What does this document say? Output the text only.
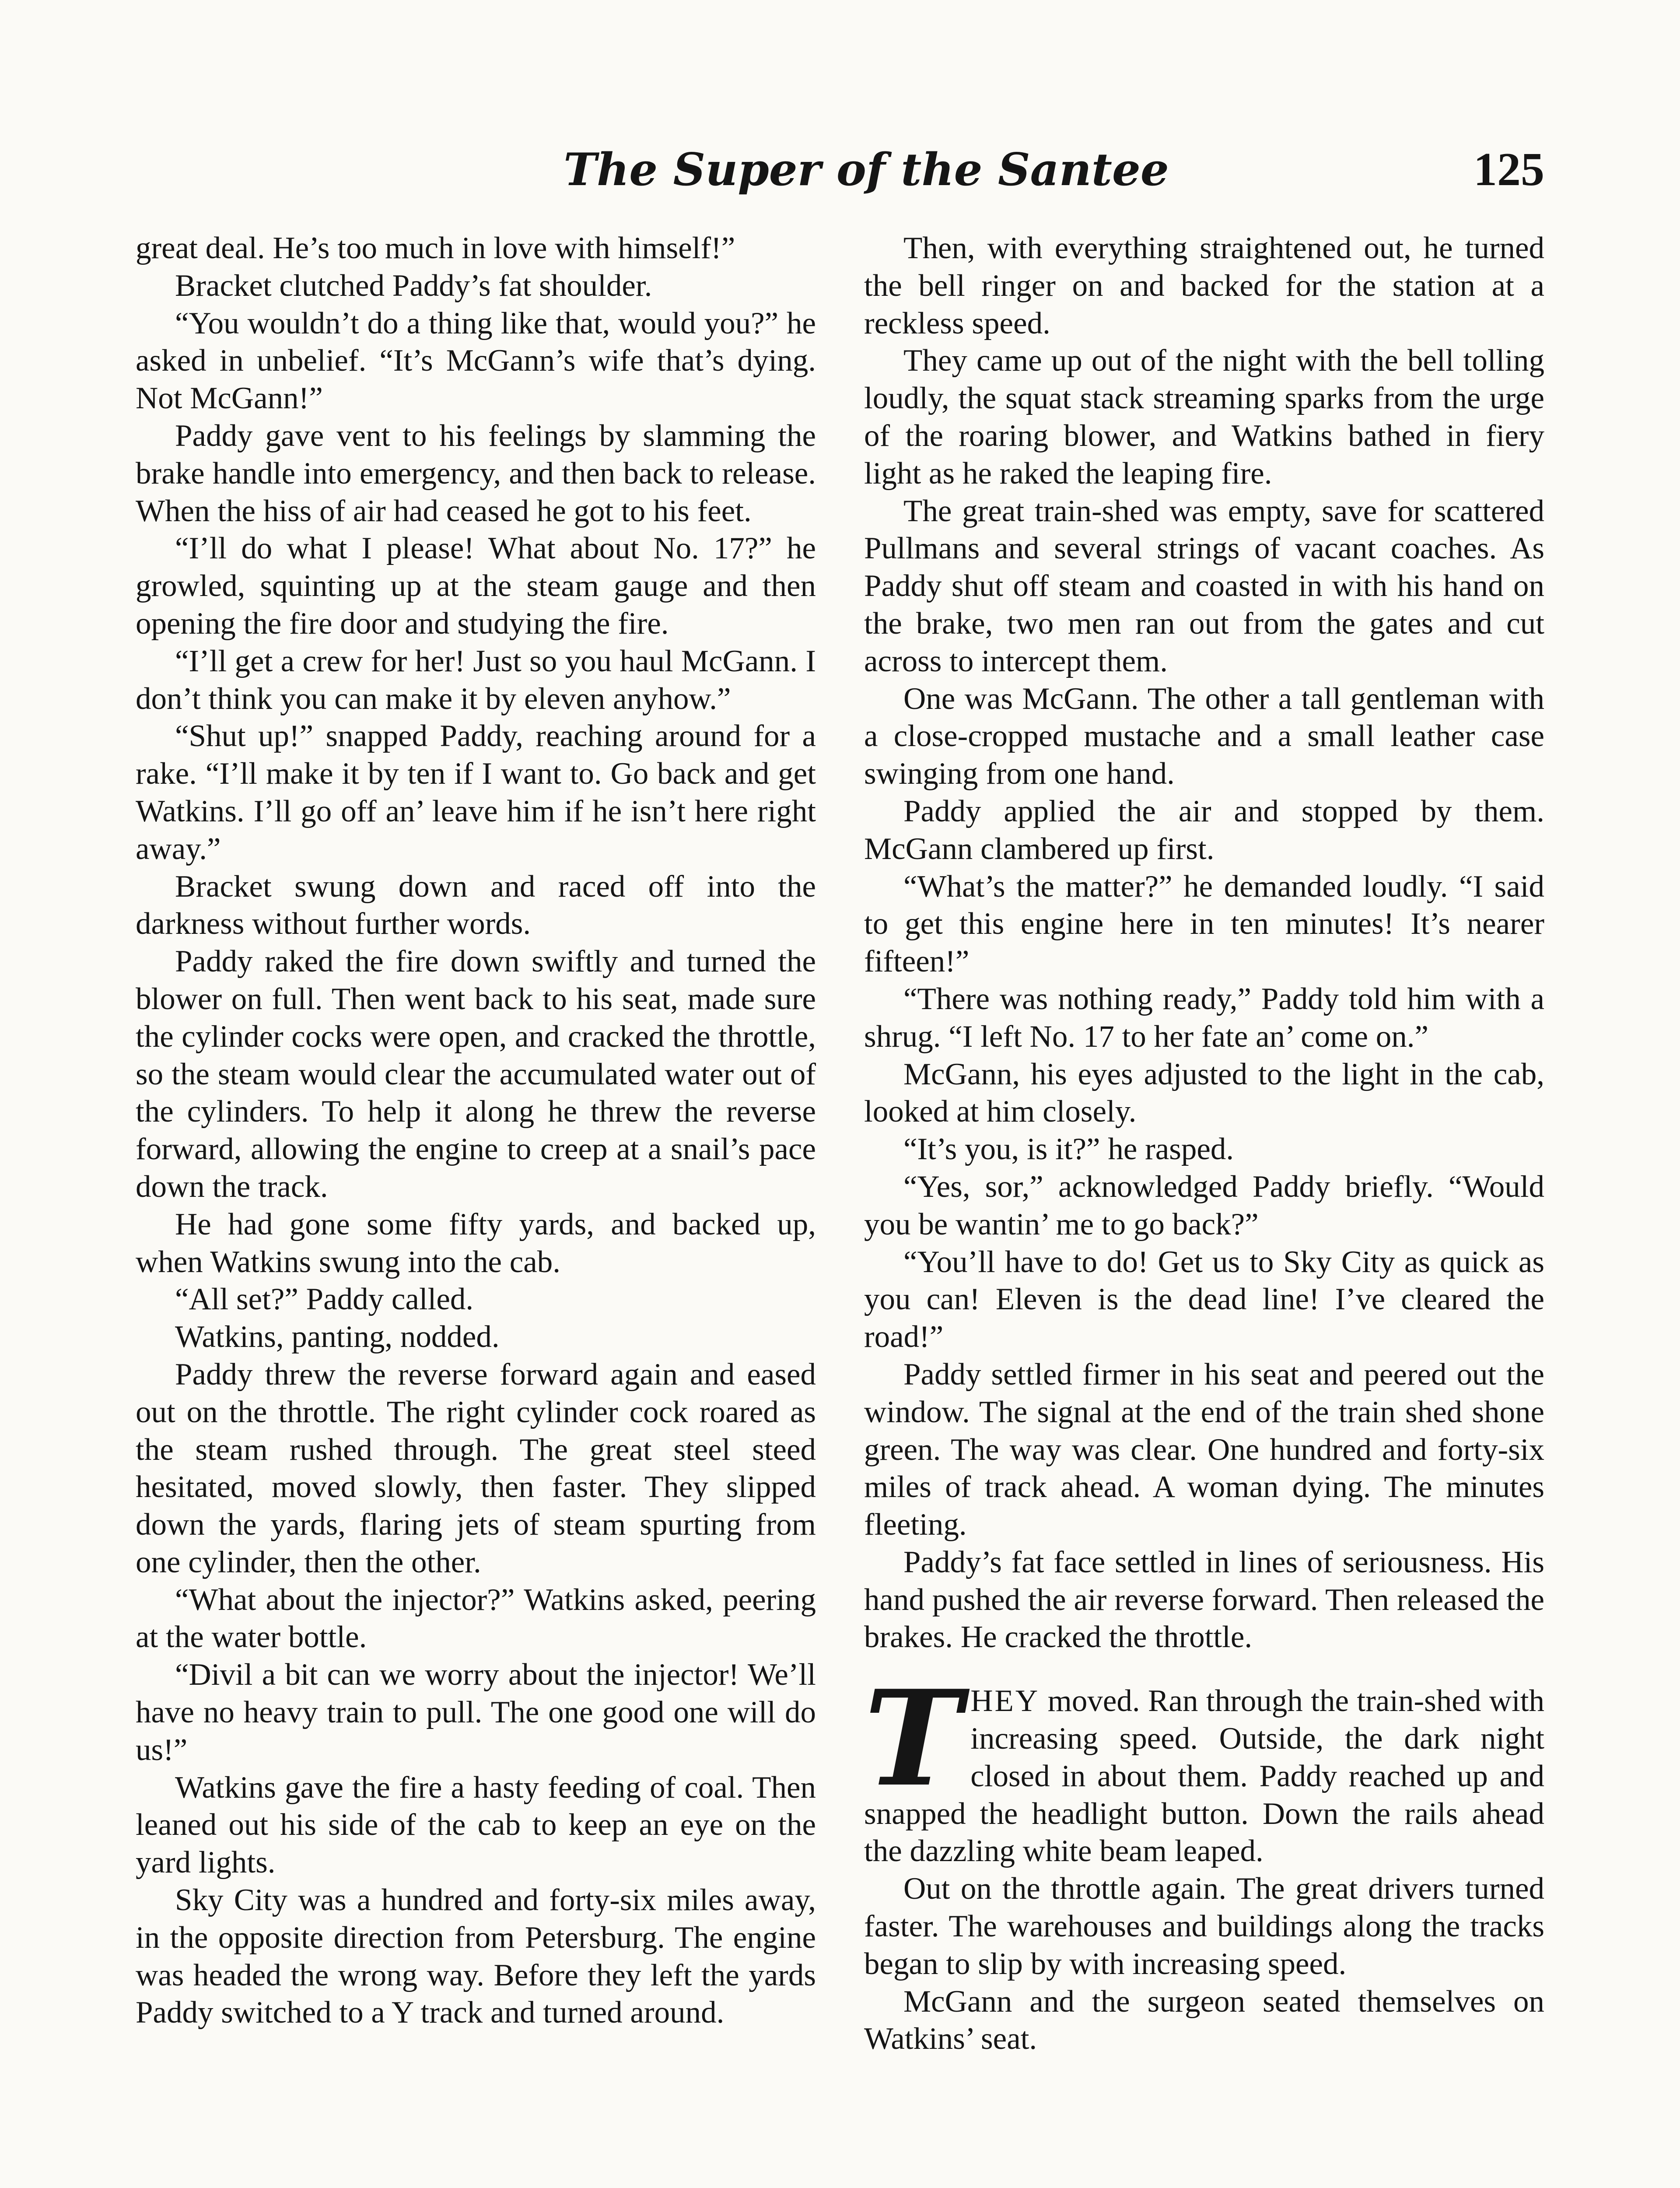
The Super of the Santee	125

great deal. He’s too much in love with himself!”

Bracket clutched Paddy’s fat shoulder.

“You wouldn’t do a thing like that, would you?” he asked in unbelief. “It’s McGann’s wife that’s dying. Not McGann!”

Paddy gave vent to his feelings by slamming the brake handle into emergency, and then back to release. When the hiss of air had ceased he got to his feet.

“I’ll do what I please! What about No. 17?” he growled, squinting up at the steam gauge and then opening the fire door and studying the fire.

“I’ll get a crew for her! Just so you haul McGann. I don’t think you can make it by eleven anyhow.”

“Shut up!” snapped Paddy, reaching around for a rake. “I’ll make it by ten if I want to. Go back and get Watkins. I’ll go off an’ leave him if he isn’t here right away.”

Bracket swung down and raced off into the darkness without further words.

Paddy raked the fire down swiftly and turned the blower on full. Then went back to his seat, made sure the cylinder cocks were open, and cracked the throttle, so the steam would clear the accumulated water out of the cylinders. To help it along he threw the reverse forward, allowing the engine to creep at a snail’s pace down the track.

He had gone some fifty yards, and backed up, when Watkins swung into the cab.

“All set?” Paddy called.

Watkins, panting, nodded.

Paddy threw the reverse forward again and eased out on the throttle. The right cylinder cock roared as the steam rushed through. The great steel steed hesitated, moved slowly, then faster. They slipped down the yards, flaring jets of steam spurting from one cylinder, then the other.

“What about the injector?” Watkins asked, peering at the water bottle.

“Divil a bit can we worry about the injector! We’ll have no heavy train to pull. The one good one will do us!”

Watkins gave the fire a hasty feeding of coal. Then leaned out his side of the cab to keep an eye on the yard lights.

Sky City was a hundred and forty-six miles away, in the opposite direction from Petersburg. The engine was headed the wrong way. Before they left the yards Paddy switched to a Y track and turned around.

Then, with everything straightened out, he turned the bell ringer on and backed for the station at a reckless speed.

They came up out of the night with the bell tolling loudly, the squat stack streaming sparks from the urge of the roaring blower, and Watkins bathed in fiery light as he raked the leaping fire.

The great train-shed was empty, save for scattered Pullmans and several strings of vacant coaches. As Paddy shut off steam and coasted in with his hand on the brake, two men ran out from the gates and cut across to intercept them.

One was McGann. The other a tall gentleman with a close-cropped mustache and a small leather case swinging from one hand.

Paddy applied the air and stopped by them. McGann clambered up first.

“What’s the matter?” he demanded loudly. “I said to get this engine here in ten minutes! It’s nearer fifteen!”

“There was nothing ready,” Paddy told him with a shrug. “I left No. 17 to her fate an’ come on.”

McGann, his eyes adjusted to the light in the cab, looked at him closely.

“It’s you, is it?” he rasped.

“Yes, sor,” acknowledged Paddy briefly. “Would you be wantin’ me to go back?”

“You’ll have to do! Get us to Sky City as quick as you can! Eleven is the dead line! I’ve cleared the road!”

Paddy settled firmer in his seat and peered out the window. The signal at the end of the train shed shone green. The way was clear. One hundred and forty-six miles of track ahead. A woman dying. The minutes fleeting.

Paddy’s fat face settled in lines of seriousness. His hand pushed the air reverse forward. Then released the brakes. He cracked the throttle.

THEY moved. Ran through the train-shed with increasing speed. Outside, the dark night closed in about them. Paddy reached up and snapped the headlight button. Down the rails ahead the dazzling white beam leaped.

Out on the throttle again. The great drivers turned faster. The warehouses and buildings along the tracks began to slip by with increasing speed.

McGann and the surgeon seated themselves on Watkins’ seat.
